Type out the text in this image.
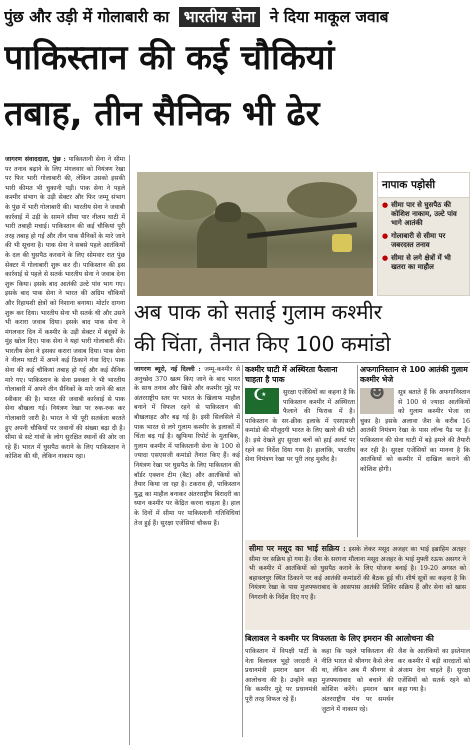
पुंछ और उड़ी में गोलाबारी का भारतीय सेना ने दिया माकूल जवाब
पाकिस्तान की कई चौकियां
तबाह, तीन सैनिक भी ढेर
जागरण संवाददाता, पुंछ : पाकिस्तानी सेना ने सीमा पर तनाव बढ़ाने के लिए मंगलवार को नियंत्रण रेखा पर फिर भारी गोलाबारी की, लेकिन उसको इसकी भारी कीमत भी चुकानी पड़ी। पाक सेना ने पहले कश्मीर संभाग के उड़ी सेक्टर और फिर जम्मू संभाग के पुंछ में भारी गोलाबारी की। भारतीय सेना ने जवाबी कार्रवाई में उड़ी के सामने सीमा पार नीलम घाटी में भारी तबाही मचाई। पाकिस्तान की कई चौकियां पूरी तरह तबाह हो गई और तीन पाक सैनिकों के मारे जाने की भी सूचना है। पाक सेना ने सबसे पहले आतंकियों के दल की घुसपैठ करवाने के लिए सोमवार रात पुंछ सेक्टर में गोलाबारी शुरू कर दी। पाकिस्तान की इस कार्रवाई से पहले से सतर्क भारतीय सेना ने जवाब देना शुरू किया। इसके बाद आतंकी उल्टे पांव भाग गए। इसके बाद पाक सेना ने भारत की अग्रिम चौकियों और रिहायशी क्षेत्रों को निशाना बनाया। मोर्टार दागना शुरू कर दिया। भारतीय सेना भी सतर्क थी और उसने भी करारा जवाब दिया। इसके बाद पाक सेना ने मंगलवार दिन में कश्मीर के उड़ी सेक्टर में बंदूकों के मुंह खोल दिए। पाक सेना ने यहां भारी गोलाबारी की। भारतीय सेना ने इसका करारा जवाब दिया। पाक सेना ने नीलम घाटी में अपने कई ठिकाने गंवा दिए। पाक सेना की कई चौकियां तबाह हो गई और कई सैनिक मारे गए। पाकिस्तान के सेना प्रवक्ता ने भी भारतीय गोलाबारी में अपने तीन सैनिकों के मारे जाने की बात स्वीकार की है। भारत की जवाबी कार्रवाई से पाक सेना बौखला गई। नियंत्रण रेखा पर रुक-रुक कर गोलाबारी जारी है। भारत ने भी पूरी सतर्कता बरतते हुए अपनी चौकियों पर जवानों की संख्या बढ़ा दी है। सीमा से सटे गांवों के लोग सुरक्षित स्थानों की ओर जा रहे हैं। भारत में घुसपैठ कराने के लिए पाकिस्तान ने कोशिश की थी, लेकिन नाकाम रहा।
नापाक पड़ोसी
● सीमा पार से घुसपैठ की कोशिश नाकाम, उल्टे पांव भागे आतंकी
● गोलाबारी से सीमा पर जबरदस्त तनाव
● सीमा से लगे क्षेत्रों में भी खतरा का माहौल
अब पाक को सताई गुलाम कश्मीर
की चिंता, तैनात किए 100 कमांडो
जागरण ब्यूरो, नई दिल्ली : जम्मू-कश्मीर से अनुच्छेद 370 खत्म किए जाने के बाद भारत के साथ तनाव और खिसे और कश्मीर मुद्दे पर अंतरराष्ट्रीय स्तर पर भारत के खिलाफ माहौल बनाने में विफल रहने से पाकिस्तान की बौखलाहट और बढ़ गई है। इसी सिलसिले में पाक भारत से लगे गुलाम कश्मीर के इलाकों में चिंता बढ़ गई है। खुफिया रिपोर्ट के मुताबिक, गुलाम कश्मीर में पाकिस्तानी सेना के 100 से ज्यादा एसएसजी कमांडो तैनात किए हैं। कई नियंत्रण रेखा पर घुसपैठ के लिए पाकिस्तान की बॉर्डर एक्शन टीम (बैट) और आतंकियों को तैयार किया जा रहा है। टकराव ही, पाकिस्तान युद्ध का माहौल बनाकर अंतरराष्ट्रीय बिरादरी का ध्यान कश्मीर पर केंद्रित करना चाहता है। हाल के दिनों में सीमा पर पाकिस्तानी गतिविधियां तेज हुई हैं। सुरक्षा एजेंसियां चौकस हैं।
कश्मीर घाटी में अस्थिरता फैलाना चाहता है पाक
☪
सुरक्षा एजेंसियों का कहना है कि पाकिस्तान कश्मीर में अस्थिरता फैलाने की फिराक में है। पाकिस्तान के सर-क्रीक इलाके में एसएसजी कमांडो की मौजूदगी भारत के लिए खतरे की घंटी है। इसे देखते हुए सुरक्षा बलों को हाई अलर्ट पर रहने का निर्देश दिया गया है। हालांकि, भारतीय सेना नियंत्रण रेखा पर पूरी तरह मुस्तैद है।
अफगानिस्तान से 100 आतंकी गुलाम कश्मीर भेजे
☻
सूत्र बताते हैं कि अफगानिस्तान से 100 से ज्यादा आतंकियों को गुलाम कश्मीर भेजा जा चुका है। इसके अलावा जैश के करीब 16 आतंकी नियंत्रण रेखा के पास लॉन्च पैड पर हैं। पाकिस्तान की सेना घाटी में बड़े हमले की तैयारी कर रही है। सुरक्षा एजेंसियों का मानना है कि आतंकियों को कश्मीर में दाखिल कराने की कोशिश होगी।
सीमा पर मसूद का भाई सक्रिय : इसके लेकर मसूद अजहर का भाई इब्राहिम अतहर सीमा पर सक्रिय हो गया है। जैश के सरगना मौलाना मसूद अजहर के भाई मुफ्ती रऊफ असगर ने भी कश्मीर में आतंकियों को घुसपैठ कराने के लिए योजना बनाई है। 19-20 अगस्त को बहावलपुर स्थित ठिकाने पर कई आतंकी कमांडरों की बैठक हुई थी। शीर्ष सूत्रों का कहना है कि नियंत्रण रेखा के पास मुजफ्फराबाद के आसपास आतंकी शिविर सक्रिय हैं और सेना को खास निगरानी के निर्देश दिए गए हैं।
बिलावल ने कश्मीर पर विफलता के लिए इमरान की आलोचना की
पाकिस्तान में विपक्षी पार्टी के नेता बिलावल भुट्टो जरदारी ने प्रधानमंत्री इमरान खान की आलोचना की है। उन्होंने कहा कि कश्मीर मुद्दे पर प्रधानमंत्री पूरी तरह विफल रहे हैं।
कहा कि पहले पाकिस्तान की नीति भारत से श्रीनगर कैसे लेना था, लेकिन अब मैं श्रीनगर से मुजफ्फराबाद को बचाने की कोशिश करेंगे। इमरान खान अंतरराष्ट्रीय मंच पर समर्थन जुटाने में नाकाम रहे।
जैश के आतंकियों का इस्तेमाल कर कश्मीर में बड़ी वारदातों को अंजाम देना चाहते हैं। सुरक्षा एजेंसियों को सतर्क रहने को कहा गया है।
